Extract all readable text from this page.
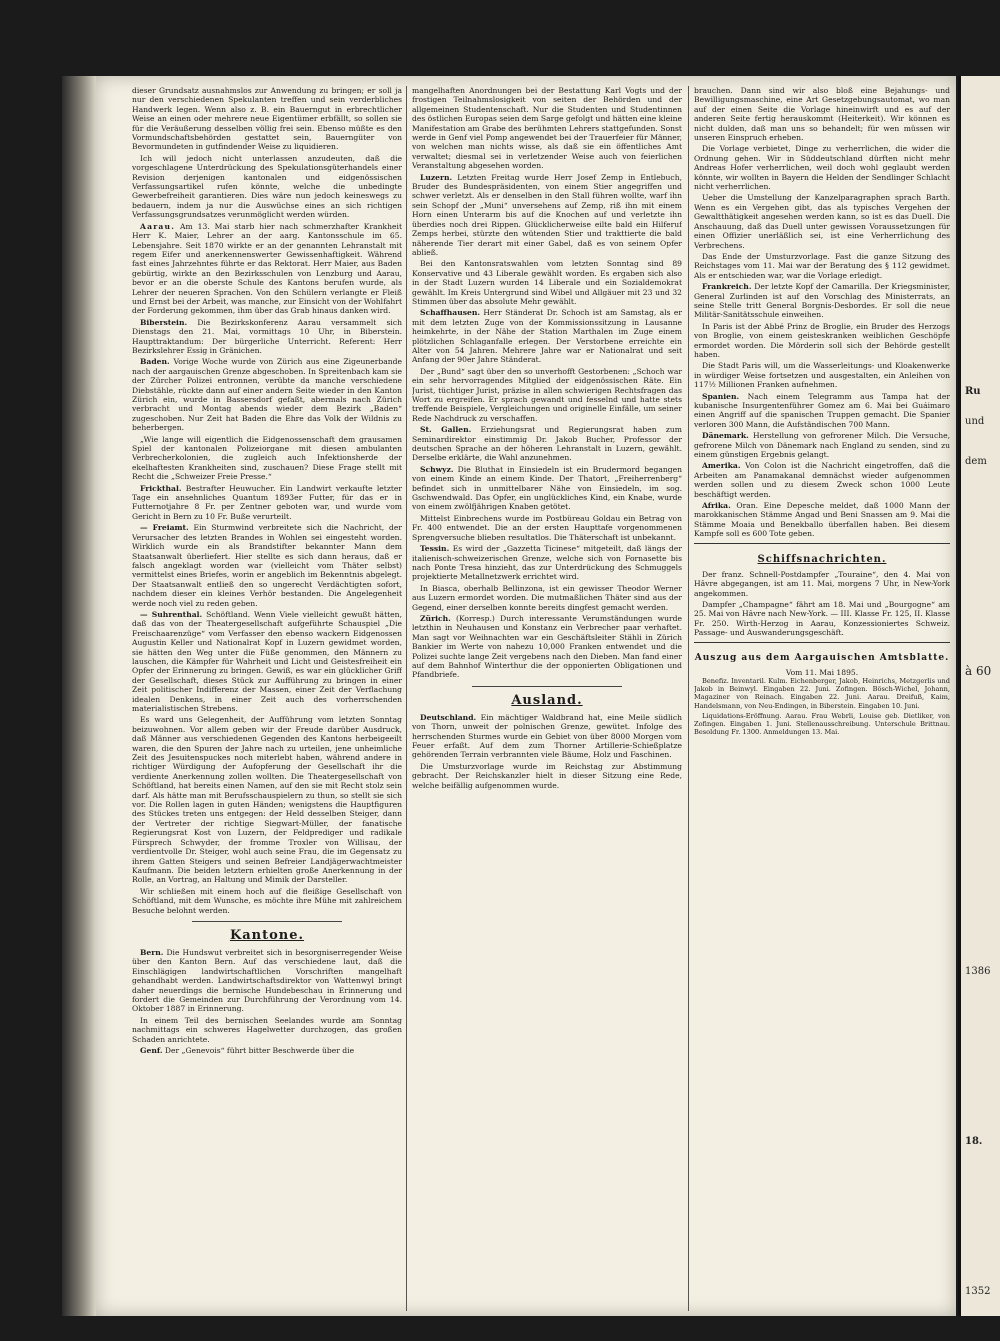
dieser Grundsatz ausnahmslos zur Anwendung zu bringen; er soll ja nur den verschiedenen Spekulanten treffen und sein verderbliches Handwerk legen. Wenn also z. B. ein Bauerngut in erbrechtlicher Weise an einen oder mehrere neue Eigentümer erbfällt, so sollen sie für die Veräußerung desselben völlig frei sein. Ebenso müßte es den Vormundschaftsbehörden gestattet sein, Bauerngüter von Bevormundeten in gutfindender Weise zu liquidieren.

Ich will jedoch nicht unterlassen anzudeuten, daß die vorgeschlagene Unterdrückung des Spekulationsgüterhandels einer Revision derjenigen kantonalen und eidgenössischen Verfassungsartikel rufen könnte, welche die unbedingte Gewerbefreiheit garantieren. Dies wäre nun jedoch keineswegs zu bedauern, indem ja nur die Auswüchse eines an sich richtigen Verfassungsgrundsatzes verunmöglicht werden würden.

Aarau. Am 13. Mai starb hier nach schmerzhafter Krankheit Herr K. Maier, Lehrer an der aarg. Kantonsschule im 65. Lebensjahre. Seit 1870 wirkte er an der genannten Lehranstalt mit regem Eifer und anerkennenswerter Gewissenhaftigkeit. Während fast eines Jahrzehntes führte er das Rektorat. Herr Maier, aus Baden gebürtig, wirkte an den Bezirksschulen von Lenzburg und Aarau, bevor er an die oberste Schule des Kantons berufen wurde, als Lehrer der neueren Sprachen. Von den Schülern verlangte er Fleiß und Ernst bei der Arbeit, was manche, zur Einsicht von der Wohlfahrt der Forderung gekommen, ihm über das Grab hinaus danken wird.

Biberstein. Die Bezirkskonferenz Aarau versammelt sich Dienstags den 21. Mai, vormittags 10 Uhr, in Biberstein. Haupttraktandum: Der bürgerliche Unterricht. Referent: Herr Bezirkslehrer Essig in Gränichen.

Baden. Vorige Woche wurde von Zürich aus eine Zigeunerbande nach der aargauischen Grenze abgeschoben. In Spreitenbach kam sie der Zürcher Polizei entronnen, verübte da manche verschiedene Diebstähle, rückte dann auf einer andern Seite wieder in den Kanton Zürich ein, wurde in Bassersdorf gefaßt, abermals nach Zürich verbracht und Montag abends wieder dem Bezirk „Baden“ zugeschoben. Nur Zeit hat Baden die Ehre das Volk der Wildnis zu beherbergen.

„Wie lange will eigentlich die Eidgenossenschaft dem grausamen Spiel der kantonalen Polizeiorgane mit diesen ambulanten Verbrecherkolonien, die zugleich auch Infektionsherde der ekelhaftesten Krankheiten sind, zuschauen? Diese Frage stellt mit Recht die „Schweizer Freie Presse.“

Frickthal. Bestrafter Heuwucher. Ein Landwirt verkaufte letzter Tage ein ansehnliches Quantum 1893er Futter, für das er in Futternotjahre 8 Fr. per Zentner geboten war, und wurde vom Gericht in Bern zu 10 Fr. Buße verurteilt.

— Freiamt. Ein Sturmwind verbreitete sich die Nachricht, der Verursacher des letzten Brandes in Wohlen sei eingesteht worden. Wirklich wurde ein als Brandstifter bekannter Mann dem Staatsanwalt überliefert. Hier stellte es sich dann heraus, daß er falsch angeklagt worden war (vielleicht vom Thäter selbst) vermittelst eines Briefes, worin er angeblich im Bekenntnis abgelegt. Der Staatsanwalt entließ den so ungerecht Verdächtigten sofort, nachdem dieser ein kleines Verhör bestanden. Die Angelegenheit werde noch viel zu reden geben.

— Suhrenthal. Schöftland. Wenn Viele vielleicht gewußt hätten, daß das von der Theatergesellschaft aufgeführte Schauspiel „Die Freischaarenzüge“ vom Verfasser den ebenso wackern Eidgenossen Augustin Keller und Nationalrat Kopf in Luzern gewidmet worden, sie hätten den Weg unter die Füße genommen, den Männern zu lauschen, die Kämpfer für Wahrheit und Licht und Geistesfreiheit ein Opfer der Erinnerung zu bringen. Gewiß, es war ein glücklicher Griff der Gesellschaft, dieses Stück zur Aufführung zu bringen in einer Zeit politischer Indifferenz der Massen, einer Zeit der Verflachung idealen Denkens, in einer Zeit auch des vorherrschenden materialistischen Strebens.

Es ward uns Gelegenheit, der Aufführung vom letzten Sonntag beizuwohnen. Vor allem geben wir der Freude darüber Ausdruck, daß Männer aus verschiedenen Gegenden des Kantons herbeigeeilt waren, die den Spuren der Jahre nach zu urteilen, jene unheimliche Zeit des Jesuitenspuckes noch miterlebt haben, während andere in richtiger Würdigung der Aufopferung der Gesellschaft ihr die verdiente Anerkennung zollen wollten. Die Theatergesellschaft von Schöftland, hat bereits einen Namen, auf den sie mit Recht stolz sein darf. Als hätte man mit Berufsschauspielern zu thun, so stellt sie sich vor. Die Rollen lagen in guten Händen; wenigstens die Hauptfiguren des Stückes treten uns entgegen: der Held desselben Steiger, dann der Vertreter der richtige Siegwart-Müller, der fanatische Regierungsrat Kost von Luzern, der Feldprediger und radikale Fürsprech Schwyder, der fromme Troxler von Willisau, der verdientvolle Dr. Steiger, wohl auch seine Frau, die im Gegensatz zu ihrem Gatten Steigers und seinen Befreier Landjägerwachtmeister Kaufmann. Die beiden letztern erhielten große Anerkennung in der Rolle, an Vortrag, an Haltung und Mimik der Darsteller.

Wir schließen mit einem hoch auf die fleißige Gesellschaft von Schöftland, mit dem Wunsche, es möchte ihre Mühe mit zahlreichem Besuche belohnt werden.

Kantone.

Bern. Die Hundswut verbreitet sich in besorgniserregender Weise über den Kanton Bern. Auf das verschiedene laut, daß die Einschlägigen landwirtschaftlichen Vorschriften mangelhaft gehandhabt werden. Landwirtschaftsdirektor von Wattenwyl bringt daher neuerdings die bernische Hundebeschau in Erinnerung und fordert die Gemeinden zur Durchführung der Verordnung vom 14. Oktober 1887 in Erinnerung.

In einem Teil des bernischen Seelandes wurde am Sonntag nachmittags ein schweres Hagelwetter durchzogen, das großen Schaden anrichtete.

Genf. Der „Genevois“ führt bitter Beschwerde über die

mangelhaften Anordnungen bei der Bestattung Karl Vogts und der frostigen Teilnahmslosigkeit von seiten der Behörden und der allgemeinen Studentenschaft. Nur die Studenten und Studentinnen des östlichen Europas seien dem Sarge gefolgt und hätten eine kleine Manifestation am Grabe des berühmten Lehrers stattgefunden. Sonst werde in Genf viel Pomp angewendet bei der Trauerfeier für Männer, von welchen man nichts wisse, als daß sie ein öffentliches Amt verwaltet; diesmal sei in verletzender Weise auch von feierlichen Veranstaltung abgesehen worden.

Luzern. Letzten Freitag wurde Herr Josef Zemp in Entlebuch, Bruder des Bundespräsidenten, von einem Stier angegriffen und schwer verletzt. Als er denselben in den Stall führen wollte, warf ihn sein Schopf der „Muni“ unversehens auf Zemp, riß ihn mit einem Horn einen Unterarm bis auf die Knochen auf und verletzte ihn überdies noch drei Rippen. Glücklicherweise eilte bald ein Hilferuf Zemps herbei, stürzte den wütenden Stier und trakttierte die bald näherende Tier derart mit einer Gabel, daß es von seinem Opfer abließ.

Bei den Kantonsratswahlen vom letzten Sonntag sind 89 Konservative und 43 Liberale gewählt worden. Es ergaben sich also in der Stadt Luzern wurden 14 Liberale und ein Sozialdemokrat gewählt. Im Kreis Untergrund sind Wibel und Allgäuer mit 23 und 32 Stimmen über das absolute Mehr gewählt.

Schaffhausen. Herr Ständerat Dr. Schoch ist am Samstag, als er mit dem letzten Zuge von der Kommissionssitzung in Lausanne heimkehrte, in der Nähe der Station Marthalen im Zuge einem plötzlichen Schlaganfalle erlegen. Der Verstorbene erreichte ein Alter von 54 Jahren. Mehrere Jahre war er Nationalrat und seit Anfang der 90er Jahre Ständerat.

Der „Bund“ sagt über den so unverhofft Gestorbenen: „Schoch war ein sehr hervorragendes Mitglied der eidgenössischen Räte. Ein Jurist, tüchtiger Jurist, präzise in allen schwierigen Rechtsfragen das Wort zu ergreifen. Er sprach gewandt und fesselnd und hatte stets treffende Beispiele, Vergleichungen und originelle Einfälle, um seiner Rede Nachdruck zu verschaffen.

St. Gallen. Erziehungsrat und Regierungsrat haben zum Seminardirektor einstimmig Dr. Jakob Bucher, Professor der deutschen Sprache an der höheren Lehranstalt in Luzern, gewählt. Derselbe erklärte, die Wahl anzunehmen.

Schwyz. Die Bluthat in Einsiedeln ist ein Brudermord begangen von einem Kinde an einem Kinde. Der Thatort, „Freiherrenberg“ befindet sich in unmittelbarer Nähe von Einsiedeln, im sog. Gschwendwald. Das Opfer, ein unglückliches Kind, ein Knabe, wurde von einem zwölfjährigen Knaben getötet.

Mittelst Einbrechens wurde im Postbüreau Goldau ein Betrag von Fr. 400 entwendet. Die an der ersten Haupttafe vorgenommenen Sprengversuche blieben resultatlos. Die Thäterschaft ist unbekannt.

Tessin. Es wird der „Gazzetta Ticinese“ mitgeteilt, daß längs der italienisch-schweizerischen Grenze, welche sich von Fornasette bis nach Ponte Tresa hinzieht, das zur Unterdrückung des Schmuggels projektierte Metallnetzwerk errichtet wird.

In Biasca, oberhalb Bellinzona, ist ein gewisser Theodor Werner aus Luzern ermordet worden. Die mutmaßlichen Thäter sind aus der Gegend, einer derselben konnte bereits dingfest gemacht werden.

Zürich. (Korresp.) Durch interessante Verumständungen wurde letzthin in Neuhausen und Konstanz ein Verbrecher paar verhaftet. Man sagt vor Weihnachten war ein Geschäftsleiter Stähli in Zürich Bankier im Werte von nahezu 10,000 Franken entwendet und die Polizei suchte lange Zeit vergebens nach den Dieben. Man fand einer auf dem Bahnhof Winterthur die der opponierten Obligationen und Pfandbriefe.

Ausland.

Deutschland. Ein mächtiger Waldbrand hat, eine Meile südlich von Thorn, unweit der polnischen Grenze, gewütet. Infolge des herrschenden Sturmes wurde ein Gebiet von über 8000 Morgen vom Feuer erfaßt. Auf dem zum Thorner Artillerie-Schießplatze gehörenden Terrain verbrannten viele Bäume, Holz und Faschinen.

Die Umsturzvorlage wurde im Reichstag zur Abstimmung gebracht. Der Reichskanzler hielt in dieser Sitzung eine Rede, welche beifällig aufgenommen wurde.

brauchen. Dann sind wir also bloß eine Bejahungs- und Bewilligungsmaschine, eine Art Gesetzgebungsautomat, wo man auf der einen Seite die Vorlage hineinwirft und es auf der anderen Seite fertig herauskommt (Heiterkeit). Wir können es nicht dulden, daß man uns so behandelt; für wen müssen wir unseren Einspruch erheben.

Die Vorlage verbietet, Dinge zu verherrlichen, die wider die Ordnung gehen. Wir in Süddeutschland dürften nicht mehr Andreas Hofer verherrlichen, weil doch wohl geglaubt werden könnte, wir wollten in Bayern die Helden der Sendlinger Schlacht nicht verherrlichen.

Ueber die Umstellung der Kanzelparagraphen sprach Barth. Wenn es ein Vergehen gibt, das als typisches Vergehen der Gewaltthätigkeit angesehen werden kann, so ist es das Duell. Die Anschauung, daß das Duell unter gewissen Voraussetzungen für einen Offizier unerläßlich sei, ist eine Verherrlichung des Verbrechens.

Das Ende der Umsturzvorlage. Fast die ganze Sitzung des Reichstages vom 11. Mai war der Beratung des § 112 gewidmet. Als er entschieden war, war die Vorlage erledigt.

Frankreich. Der letzte Kopf der Camarilla. Der Kriegsminister, General Zurlinden ist auf den Vorschlag des Ministerrats, an seine Stelle tritt General Borgnis-Desbordes. Er soll die neue Militär-Sanitätsschule einweihen.

In Paris ist der Abbé Prinz de Broglie, ein Bruder des Herzogs von Broglie, von einem geisteskranken weiblichen Geschöpfe ermordet worden. Die Mörderin soll sich der Behörde gestellt haben.

Die Stadt Paris will, um die Wasserleitungs- und Kloakenwerke in würdiger Weise fortsetzen und ausgestalten, ein Anleihen von 117½ Millionen Franken aufnehmen.

Spanien. Nach einem Telegramm aus Tampa hat der kubanische Insurgentenführer Gomez am 6. Mai bei Guáimaro einen Angriff auf die spanischen Truppen gemacht. Die Spanier verloren 300 Mann, die Aufständischen 700 Mann.

Dänemark. Herstellung von gefrorener Milch. Die Versuche, gefrorene Milch von Dänemark nach England zu senden, sind zu einem günstigen Ergebnis gelangt.

Amerika. Von Colon ist die Nachricht eingetroffen, daß die Arbeiten am Panamakanal demnächst wieder aufgenommen werden sollen und zu diesem Zweck schon 1000 Leute beschäftigt werden.

Afrika. Oran. Eine Depesche meldet, daß 1000 Mann der marokkanischen Stämme Angad und Beni Snassen am 9. Mai die Stämme Moaia und Benekballo überfallen haben. Bei diesem Kampfe soll es 600 Tote geben.

Schiffsnachrichten.

Der franz. Schnell-Postdampfer „Touraine“, den 4. Mai von Hâvre abgegangen, ist am 11. Mai, morgens 7 Uhr, in New-York angekommen.

Dampfer „Champagne“ fährt am 18. Mai und „Bourgogne“ am 25. Mai von Hâvre nach New-York. — III. Klasse Fr. 125, II. Klasse Fr. 250. Wirth-Herzog in Aarau, Konzessioniertes Schweiz. Passage- und Auswanderungsgeschäft.

Auszug aus dem Aargauischen Amtsblatte.
Vom 11. Mai 1895.

Benefiz. Inventaril. Kulm. Eichenberger, Jakob, Heinrichs, Metzgerlis und Jakob in Beinwyl. Eingaben 22. Juni. Zofingen. Bösch-Wichel, Johann, Magaziner von Reinach. Eingaben 22. Juni. Aarau. Dreifuß, Kaim, Handelsmann, von Neu-Endingen, in Biberstein. Eingaben 10. Juni.

Liquidations-Eröffnung. Aarau. Frau Webrli, Louise geb. Dietliker, von Zofingen. Eingaben 1. Juni. Stellenausschreibung. Unterschule Brittnau. Besoldung Fr. 1300. Anmeldungen 13. Mai.

Ru
und
dem
à 60
1386
18.
1352
